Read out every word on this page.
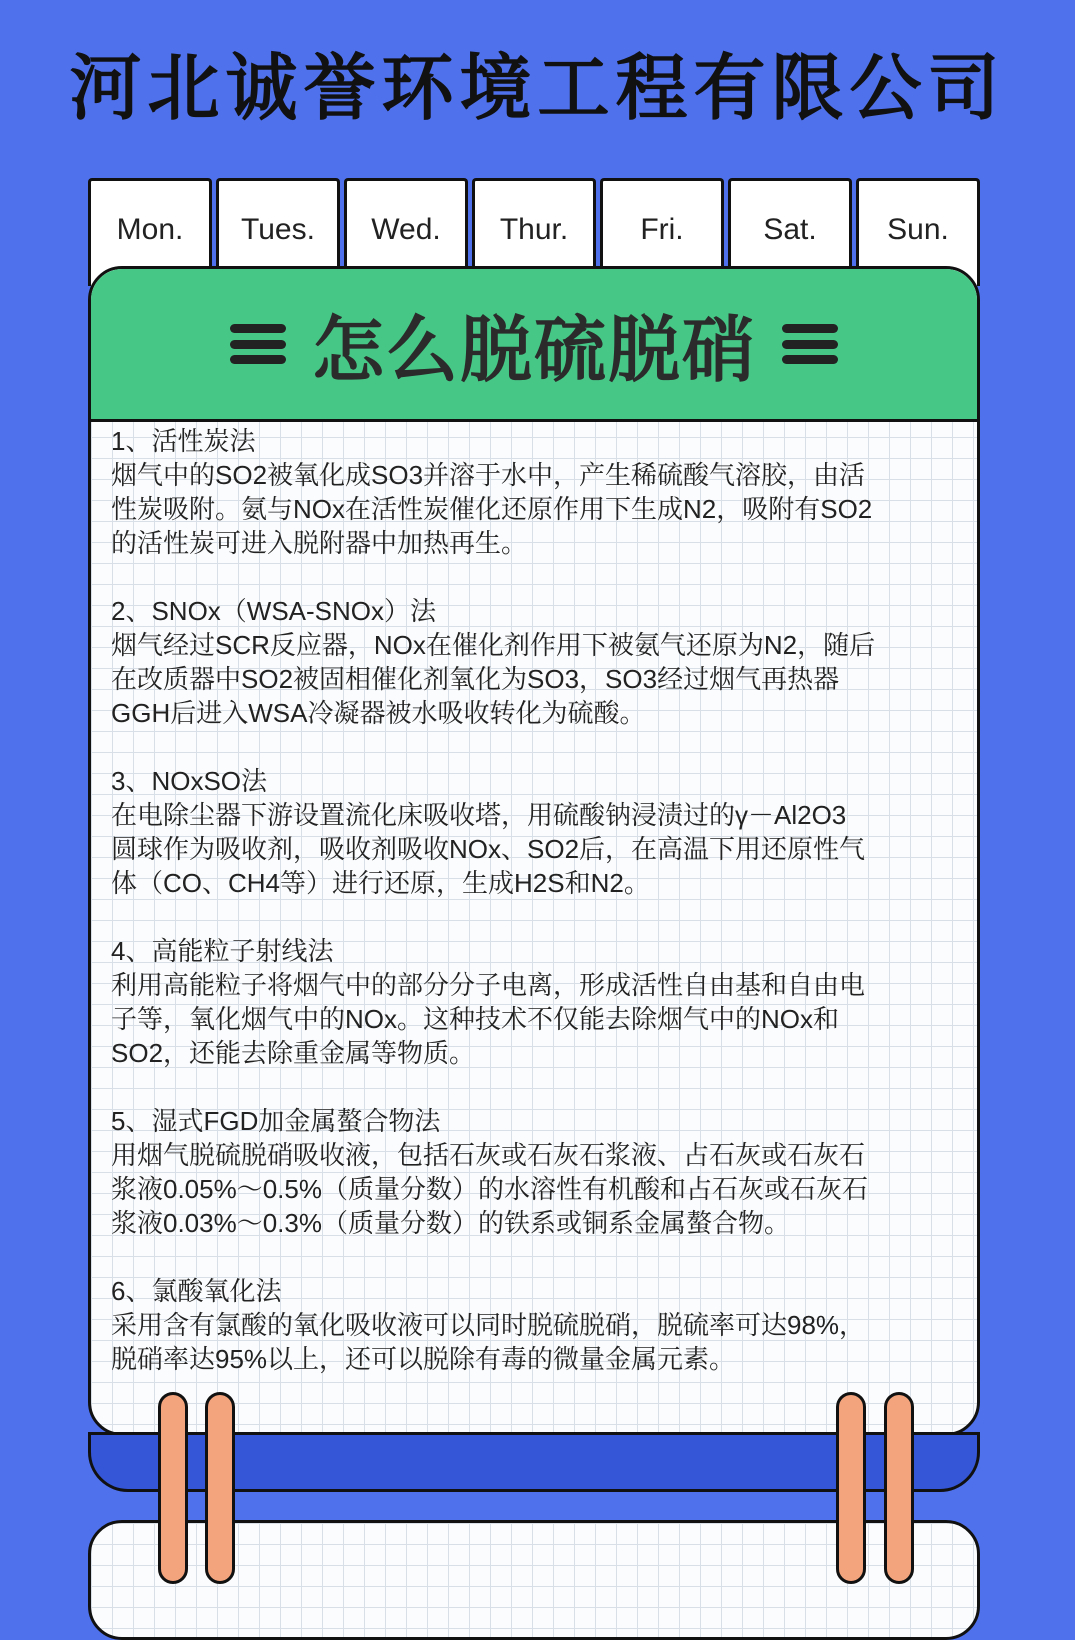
河北诚誉环境工程有限公司
Mon.	Tues.	Wed.	Thur.	Fri.	Sat.	Sun.
怎么脱硫脱硝

1、活性炭法

烟气中的SO2被氧化成SO3并溶于水中，产生稀硫酸气溶胶，由活

性炭吸附。氨与NOx在活性炭催化还原作用下生成N2，吸附有SO2

的活性炭可进入脱附器中加热再生。

2、SNOx（WSA-SNOx）法

烟气经过SCR反应器，NOx在催化剂作用下被氨气还原为N2，随后

在改质器中SO2被固相催化剂氧化为SO3，SO3经过烟气再热器

GGH后进入WSA冷凝器被水吸收转化为硫酸。

3、NOxSO法

在电除尘器下游设置流化床吸收塔，用硫酸钠浸渍过的γ－Al2O3

圆球作为吸收剂，吸收剂吸收NOx、SO2后，在高温下用还原性气

体（CO、CH4等）进行还原，生成H2S和N2。

4、高能粒子射线法

利用高能粒子将烟气中的部分分子电离，形成活性自由基和自由电

子等，氧化烟气中的NOx。这种技术不仅能去除烟气中的NOx和

SO2，还能去除重金属等物质。

5、湿式FGD加金属螯合物法

用烟气脱硫脱硝吸收液，包括石灰或石灰石浆液、占石灰或石灰石

浆液0.05%～0.5%（质量分数）的水溶性有机酸和占石灰或石灰石

浆液0.03%～0.3%（质量分数）的铁系或铜系金属螯合物。

6、氯酸氧化法

采用含有氯酸的氧化吸收液可以同时脱硫脱硝，脱硫率可达98%，

脱硝率达95%以上，还可以脱除有毒的微量金属元素。
